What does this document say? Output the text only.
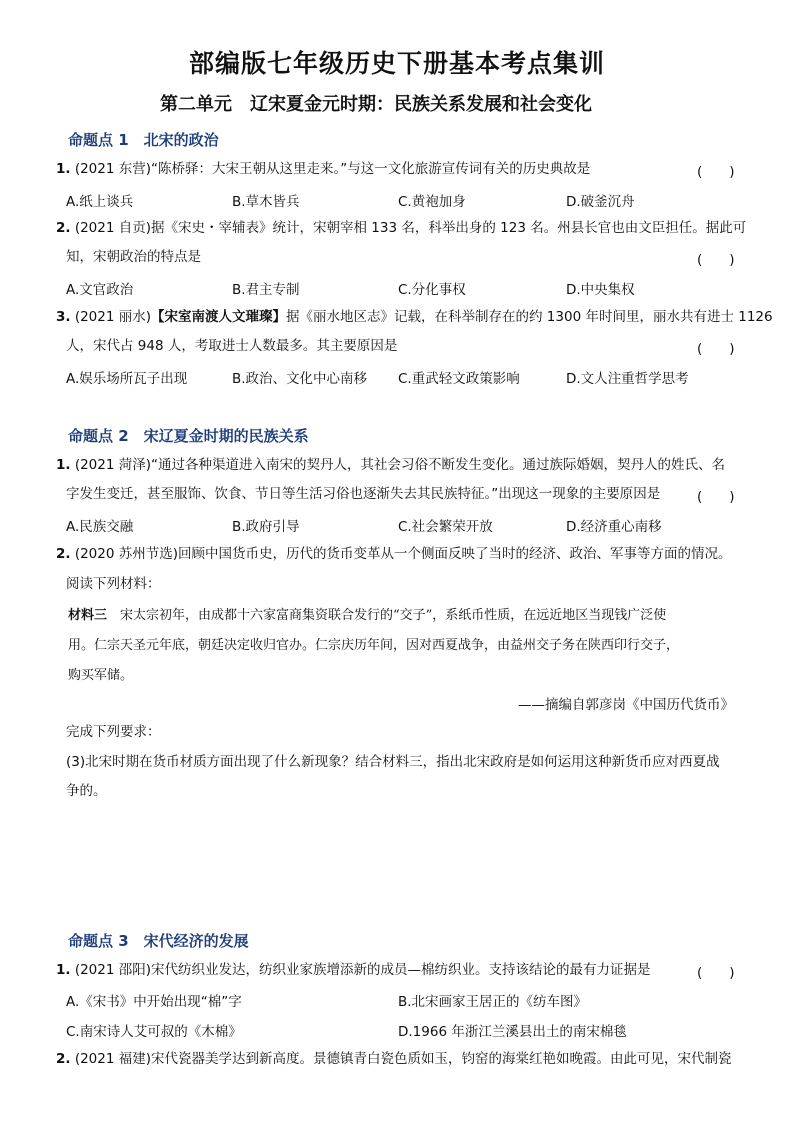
部编版七年级历史下册基本考点集训
第二单元　辽宋夏金元时期：民族关系发展和社会变化
命题点 1　北宋的政治
1. (2021 东营)“陈桥驿：大宋王朝从这里走来。”与这一文化旅游宣传词有关的历史典故是	(　　)
A.纸上谈兵	B.草木皆兵	C.黄袍加身	D.破釜沉舟
2. (2021 自贡)据《宋史・宰辅表》统计，宋朝宰相 133 名，科举出身的 123 名。州县长官也由文臣担任。据此可
知，宋朝政治的特点是	(　　)
A.文官政治	B.君主专制	C.分化事权	D.中央集权
3. (2021 丽水)【宋室南渡人文璀璨】据《丽水地区志》记载，在科举制存在的约 1300 年时间里，丽水共有进士 1126
人，宋代占 948 人，考取进士人数最多。其主要原因是	(　　)
A.娱乐场所瓦子出现	B.政治、文化中心南移 C.重武轻文政策影响	D.文人注重哲学思考
命题点 2　宋辽夏金时期的民族关系
1. (2021 菏泽)“通过各种渠道进入南宋的契丹人，其社会习俗不断发生变化。通过族际婚姻，契丹人的姓氏、名
字发生变迁，甚至服饰、饮食、节日等生活习俗也逐渐失去其民族特征。”出现这一现象的主要原因是	(　　)
A.民族交融	B.政府引导	C.社会繁荣开放	D.经济重心南移
2. (2020 苏州节选)回顾中国货币史，历代的货币变革从一个侧面反映了当时的经济、政治、军事等方面的情况。
阅读下列材料：
材料三　宋太宗初年，由成都十六家富商集资联合发行的“交子”，系纸币性质，在远近地区当现钱广泛使
用。仁宗天圣元年底，朝廷决定收归官办。仁宗庆历年间，因对西夏战争，由益州交子务在陕西印行交子，
购买军储。
——摘编自郭彦岗《中国历代货币》
完成下列要求：
(3)北宋时期在货币材质方面出现了什么新现象？结合材料三，指出北宋政府是如何运用这种新货币应对西夏战
争的。
命题点 3　宋代经济的发展
1. (2021 邵阳)宋代纺织业发达，纺织业家族增添新的成员—棉纺织业。支持该结论的最有力证据是	(　　)
A.《宋书》中开始出现“棉”字	B.北宋画家王居正的《纺车图》
C.南宋诗人艾可叔的《木棉》	D.1966 年浙江兰溪县出土的南宋棉毯
2. (2021 福建)宋代瓷器美学达到新高度。景德镇青白瓷色质如玉，钧窑的海棠红艳如晚霞。由此可见，宋代制瓷
